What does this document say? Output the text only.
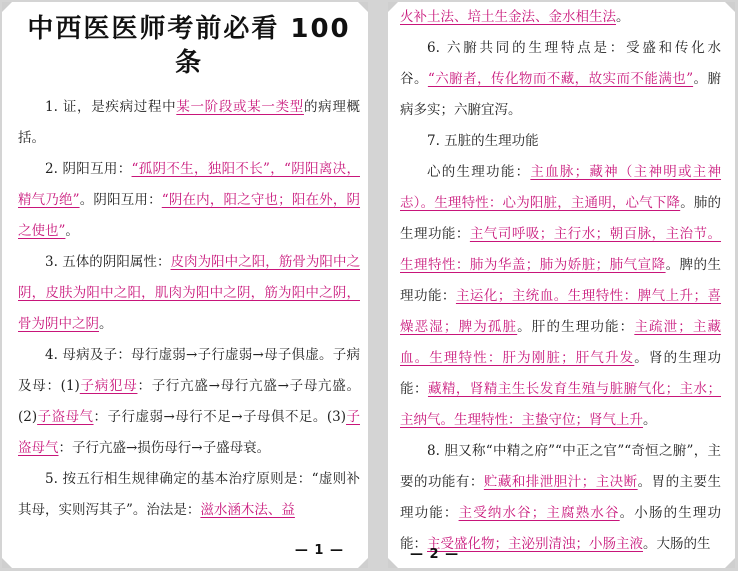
中西医医师考前必看 100 条

1. 证，是疾病过程中某一阶段或某一类型的病理概括。

2. 阴阳互用：“孤阴不生，独阳不长”，“阴阳离决，精气乃绝”。阴阳互用：“阴在内，阳之守也；阳在外，阴之使也”。

3. 五体的阴阳属性：皮肉为阳中之阳，筋骨为阳中之阴，皮肤为阳中之阳，肌肉为阳中之阴，筋为阳中之阴，骨为阴中之阴。

4. 母病及子：母行虚弱→子行虚弱→母子俱虚。子病及母：(1)子病犯母：子行亢盛→母行亢盛→子母亢盛。(2)子盗母气：子行虚弱→母行不足→子母俱不足。(3)子盗母气：子行亢盛→损伤母行→子盛母衰。

5. 按五行相生规律确定的基本治疗原则是：“虚则补其母，实则泻其子”。治法是：滋水涵木法、益

— 1 —

火补土法、培土生金法、金水相生法。

6. 六腑共同的生理特点是：受盛和传化水谷。“六腑者，传化物而不藏，故实而不能满也”。腑病多实；六腑宜泻。

7. 五脏的生理功能

心的生理功能：主血脉；藏神（主神明或主神志）。生理特性：心为阳脏，主通明，心气下降。肺的生理功能：主气司呼吸；主行水；朝百脉，主治节。生理特性：肺为华盖；肺为娇脏；肺气宣降。脾的生理功能：主运化；主统血。生理特性：脾气上升；喜燥恶湿；脾为孤脏。肝的生理功能：主疏泄；主藏血。生理特性：肝为刚脏；肝气升发。肾的生理功能：藏精，肾精主生长发育生殖与脏腑气化；主水；主纳气。生理特性：主蛰守位；肾气上升。

8. 胆又称“中精之府”“中正之官”“奇恒之腑”，主要的功能有：贮藏和排泄胆汁；主决断。胃的主要生理功能：主受纳水谷；主腐熟水谷。小肠的生理功能：主受盛化物；主泌别清浊；小肠主液。大肠的生

— 2 —
